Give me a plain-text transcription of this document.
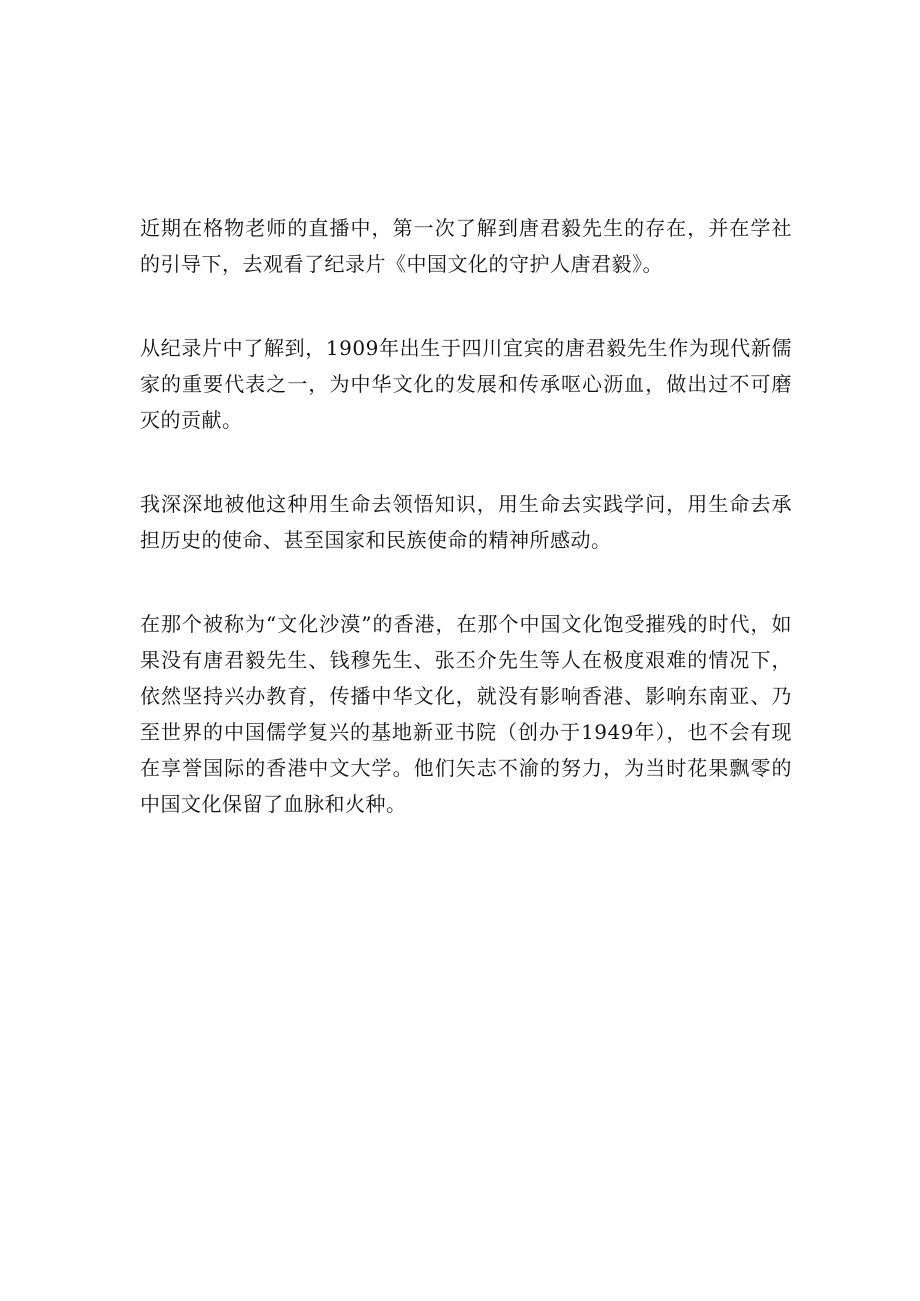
近期在格物老师的直播中，第一次了解到唐君毅先生的存在，并在学社的引导下，去观看了纪录片《中国文化的守护人唐君毅》。

从纪录片中了解到，1909年出生于四川宜宾的唐君毅先生作为现代新儒家的重要代表之一，为中华文化的发展和传承呕心沥血，做出过不可磨灭的贡献。

我深深地被他这种用生命去领悟知识，用生命去实践学问，用生命去承担历史的使命、甚至国家和民族使命的精神所感动。

在那个被称为“文化沙漠”的香港，在那个中国文化饱受摧残的时代，如果没有唐君毅先生、钱穆先生、张丕介先生等人在极度艰难的情况下，依然坚持兴办教育，传播中华文化，就没有影响香港、影响东南亚、乃至世界的中国儒学复兴的基地新亚书院（创办于1949年），也不会有现在享誉国际的香港中文大学。他们矢志不渝的努力，为当时花果飘零的中国文化保留了血脉和火种。
